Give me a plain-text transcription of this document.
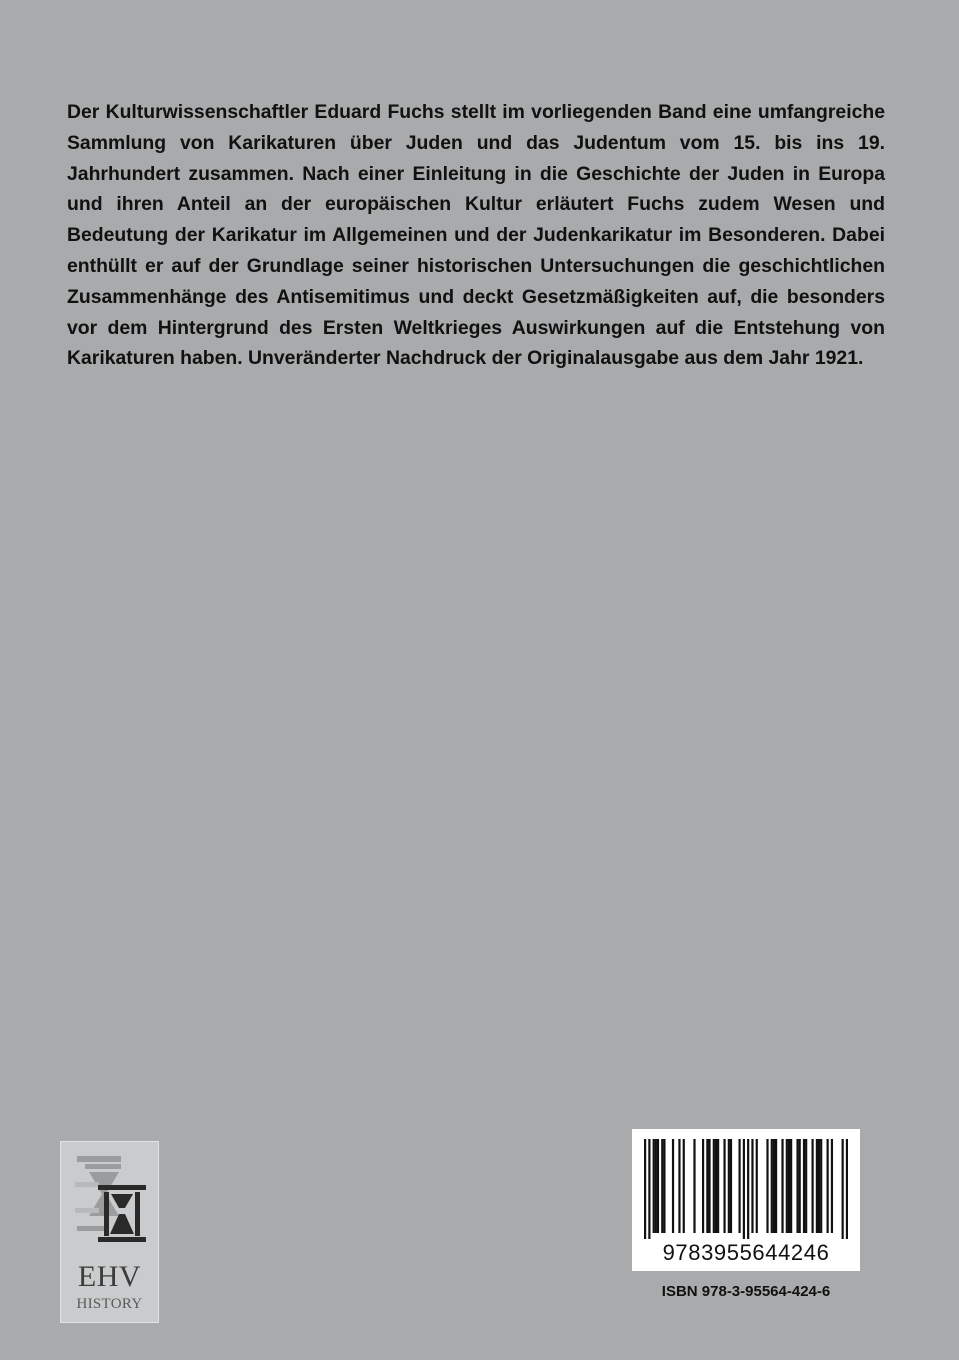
Der Kulturwissenschaftler Eduard Fuchs stellt im vorliegenden Band eine umfangreiche Sammlung von Karikaturen über Juden und das Judentum vom 15. bis ins 19. Jahrhundert zusammen. Nach einer Einleitung in die Geschichte der Juden in Europa und ihren Anteil an der europäischen Kultur erläutert Fuchs zudem Wesen und Bedeutung der Karikatur im Allgemeinen und der Judenkarikatur im Besonderen. Dabei enthüllt er auf der Grundlage seiner historischen Untersuchungen die geschichtlichen Zusammenhänge des Antisemitimus und deckt Gesetzmäßigkeiten auf, die besonders vor dem Hintergrund des Ersten Weltkrieges Auswirkungen auf die Entstehung von Karikaturen haben. Unveränderter Nachdruck der Originalausgabe aus dem Jahr 1921.

EHV
HISTORY
9783955644246
ISBN 978-3-95564-424-6
